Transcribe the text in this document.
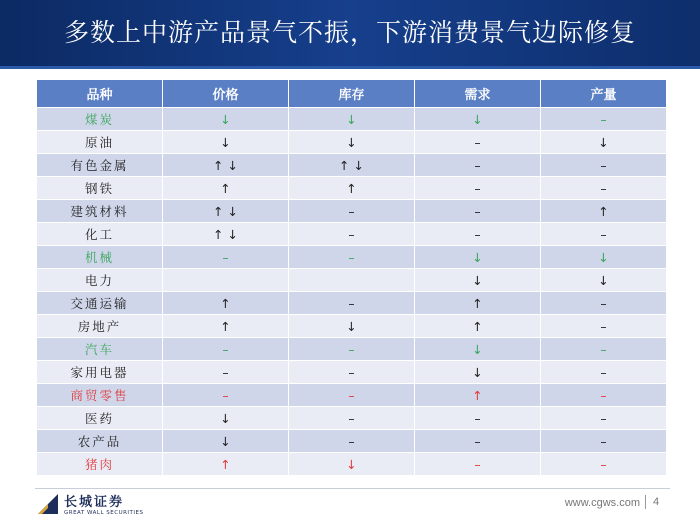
多数上中游产品景气不振，下游消费景气边际修复
品种	价格	库存	需求	产量
煤炭	↓	↓	↓	–
原油	↓	↓	–	↓
有色金属	↑ ↓	↑ ↓	–	–
钢铁	↑	↑	–	–
建筑材料	↑ ↓	–	–	↑
化工	↑ ↓	–	–	–
机械	–	–	↓	↓
电力			↓	↓
交通运输	↑	–	↑	–
房地产	↑	↓	↑	–
汽车	–	–	↓	–
家用电器	–	–	↓	–
商贸零售	–	–	↑	–
医药	↓	–	–	–
农产品	↓	–	–	–
猪肉	↑	↓	–	–
长城证券
GREAT WALL SECURITIES
www.cgws.com 4
